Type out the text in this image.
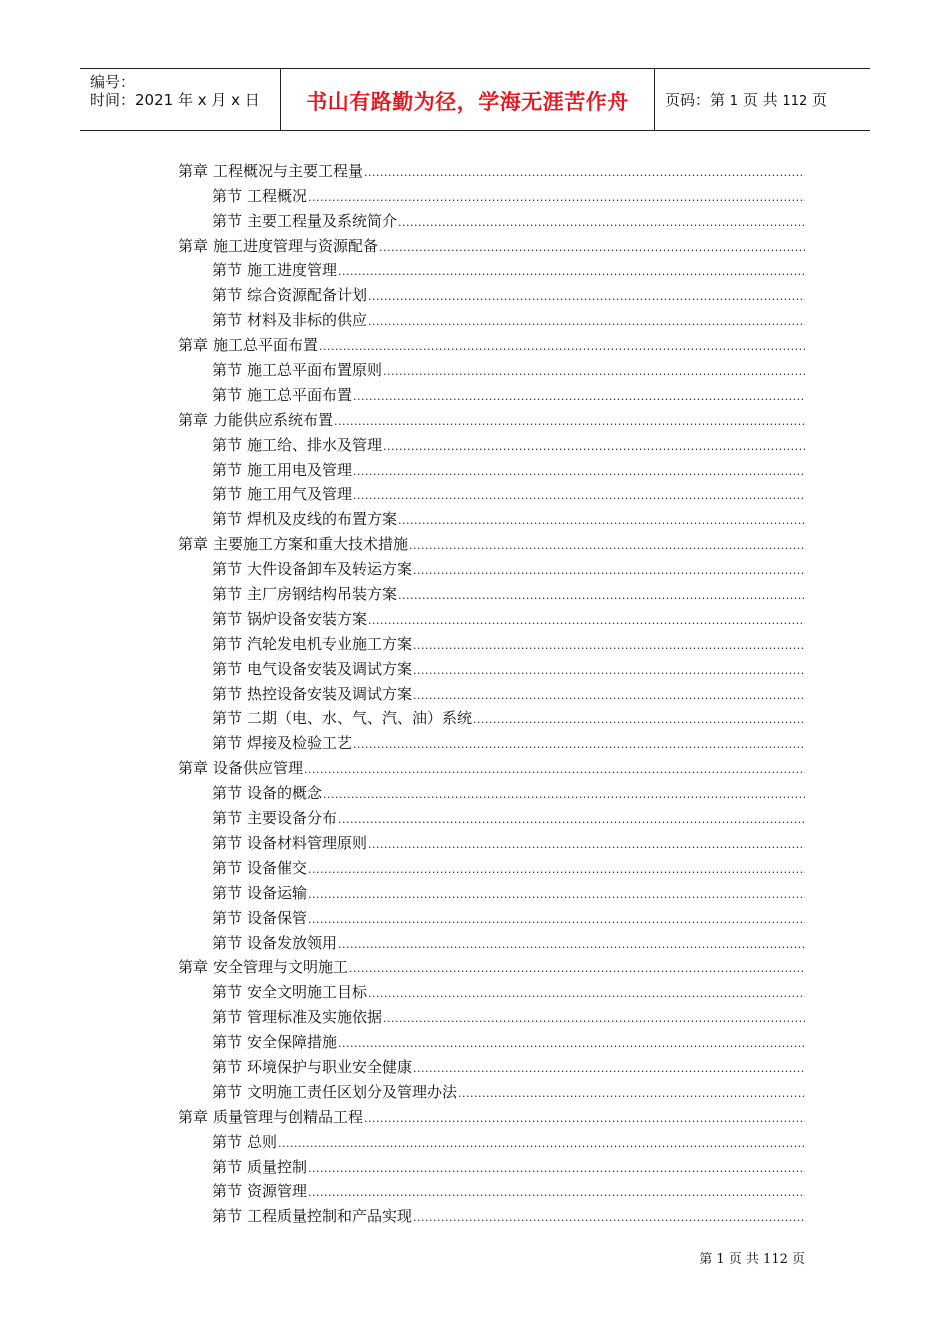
编号：
时间：2021 年 x 月 x 日	书山有路勤为径，学海无涯苦作舟	页码：第 1 页 共 112 页
第章 工程概况与主要工程量
.....
第节 工程概况
.....
第节 主要工程量及系统简介
.....
第章 施工进度管理与资源配备
.....
第节 施工进度管理
.....
第节 综合资源配备计划
.....
第节 材料及非标的供应
.....
第章 施工总平面布置
.....
第节 施工总平面布置原则
.....
第节 施工总平面布置
.....
第章 力能供应系统布置
.....
第节 施工给、排水及管理
.....
第节 施工用电及管理
.....
第节 施工用气及管理
.....
第节 焊机及皮线的布置方案
.....
第章 主要施工方案和重大技术措施
.....
第节 大件设备卸车及转运方案
.....
第节 主厂房钢结构吊装方案
.....
第节 锅炉设备安装方案
.....
第节 汽轮发电机专业施工方案
.....
第节 电气设备安装及调试方案
.....
第节 热控设备安装及调试方案
.....
第节 二期（电、水、气、汽、油）系统
.....
第节 焊接及检验工艺
.....
第章 设备供应管理
.....
第节 设备的概念
.....
第节 主要设备分布
.....
第节 设备材料管理原则
.....
第节 设备催交
.....
第节 设备运输
.....
第节 设备保管
.....
第节 设备发放领用
.....
第章 安全管理与文明施工
.....
第节 安全文明施工目标
.....
第节 管理标准及实施依据
.....
第节 安全保障措施
.....
第节 环境保护与职业安全健康
.....
第节 文明施工责任区划分及管理办法
.....
第章 质量管理与创精品工程
.....
第节 总则
.....
第节 质量控制
.....
第节 资源管理
.....
第节 工程质量控制和产品实现
.....
第 1 页 共 112 页
